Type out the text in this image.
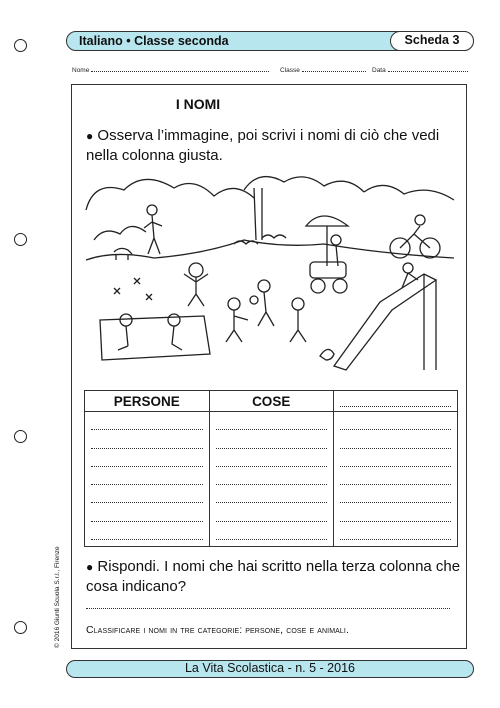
Italiano • Classe seconda	Scheda 3
Nome	Classe	Data
I NOMI
● Osserva l’immagine, poi scrivi i nomi di ciò che vedi nella colonna giusta.
PERSONE	COSE	

● Rispondi. I nomi che hai scritto nella terza colonna che cosa indicano?
Classificare i nomi in tre categorie: persone, cose e animali.
© 2016 Giunti Scuola S.r.l., Firenze
La Vita Scolastica - n. 5 - 2016
